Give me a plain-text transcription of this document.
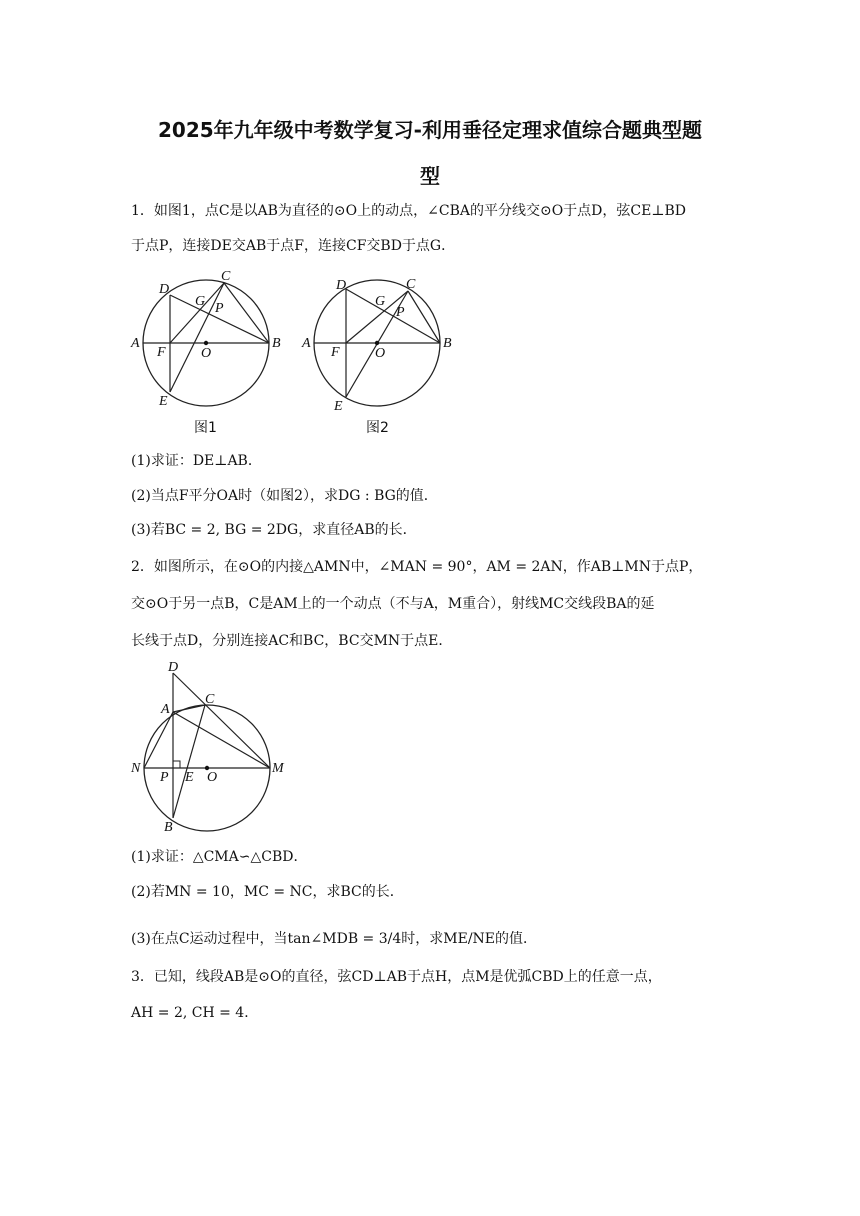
2025年九年级中考数学复习-利用垂径定理求值综合题典型题
型
1．如图1，点C是以AB为直径的⊙O上的动点，∠CBA的平分线交⊙O于点D，弦CE⊥BD
于点P，连接DE交AB于点F，连接CF交BD于点G．
C
D
G P
A	B
F	O
E
图1
C
D
G
P
A	B
F	O
E
图2
(1)求证：DE⊥AB．
(2)当点F平分OA时（如图2），求DG : BG的值．
(3)若BC = 2, BG = 2DG，求直径AB的长．
2．如图所示，在⊙O的内接△AMN中，∠MAN = 90°，AM = 2AN，作AB⊥MN于点P，
交⊙O于另一点B，C是AM上的一个动点（不与A，M重合），射线MC交线段BA的延
长线于点D，分别连接AC和BC，BC交MN于点E．
D
C
A
N	M
P E O
B
(1)求证：△CMA∽△CBD．
(2)若MN = 10，MC = NC，求BC的长．
(3)在点C运动过程中，当tan∠MDB = 3/4时，求ME/NE的值．
3．已知，线段AB是⊙O的直径，弦CD⊥AB于点H，点M是优弧CBD上的任意一点，
AH = 2, CH = 4．
